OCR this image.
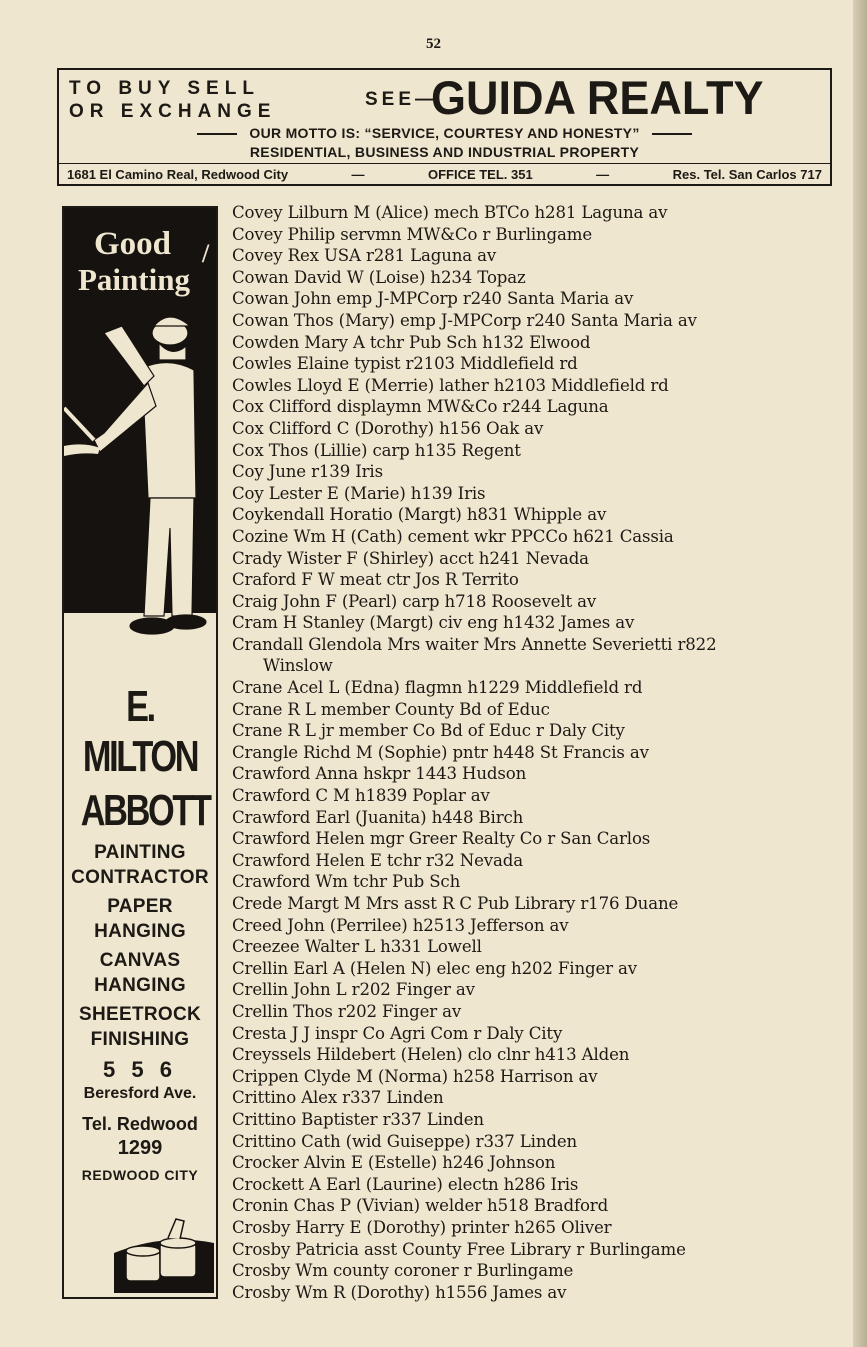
52
TO BUY SELL
OR EXCHANGE
SEE—
GUIDA REALTY
OUR MOTTO IS: “SERVICE, COURTESY AND HONESTY”
RESIDENTIAL, BUSINESS AND INDUSTRIAL PROPERTY
1681 El Camino Real, Redwood City	—	OFFICE TEL. 351	—	Res. Tel. San Carlos 717
Good
Painting
/
E. MILTON
ABBOTT
PAINTING
CONTRACTOR
PAPER
HANGING
CANVAS
HANGING
SHEETROCK
FINISHING
5 5 6
Beresford Ave.
Tel. Redwood
1299
REDWOOD CITY
Covey Lilburn M (Alice) mech BTCo h281 Laguna av
Covey Philip servmn MW&Co r Burlingame
Covey Rex USA r281 Laguna av
Cowan David W (Loise) h234 Topaz
Cowan John emp J-MPCorp r240 Santa Maria av
Cowan Thos (Mary) emp J-MPCorp r240 Santa Maria av
Cowden Mary A tchr Pub Sch h132 Elwood
Cowles Elaine typist r2103 Middlefield rd
Cowles Lloyd E (Merrie) lather h2103 Middlefield rd
Cox Clifford displaymn MW&Co r244 Laguna
Cox Clifford C (Dorothy) h156 Oak av
Cox Thos (Lillie) carp h135 Regent
Coy June r139 Iris
Coy Lester E (Marie) h139 Iris
Coykendall Horatio (Margt) h831 Whipple av
Cozine Wm H (Cath) cement wkr PPCCo h621 Cassia
Crady Wister F (Shirley) acct h241 Nevada
Craford F W meat ctr Jos R Territo
Craig John F (Pearl) carp h718 Roosevelt av
Cram H Stanley (Margt) civ eng h1432 James av
Crandall Glendola Mrs waiter Mrs Annette Severietti r822
Winslow
Crane Acel L (Edna) flagmn h1229 Middlefield rd
Crane R L member County Bd of Educ
Crane R L jr member Co Bd of Educ r Daly City
Crangle Richd M (Sophie) pntr h448 St Francis av
Crawford Anna hskpr 1443 Hudson
Crawford C M h1839 Poplar av
Crawford Earl (Juanita) h448 Birch
Crawford Helen mgr Greer Realty Co r San Carlos
Crawford Helen E tchr r32 Nevada
Crawford Wm tchr Pub Sch
Crede Margt M Mrs asst R C Pub Library r176 Duane
Creed John (Perrilee) h2513 Jefferson av
Creezee Walter L h331 Lowell
Crellin Earl A (Helen N) elec eng h202 Finger av
Crellin John L r202 Finger av
Crellin Thos r202 Finger av
Cresta J J inspr Co Agri Com r Daly City
Creyssels Hildebert (Helen) clo clnr h413 Alden
Crippen Clyde M (Norma) h258 Harrison av
Crittino Alex r337 Linden
Crittino Baptister r337 Linden
Crittino Cath (wid Guiseppe) r337 Linden
Crocker Alvin E (Estelle) h246 Johnson
Crockett A Earl (Laurine) electn h286 Iris
Cronin Chas P (Vivian) welder h518 Bradford
Crosby Harry E (Dorothy) printer h265 Oliver
Crosby Patricia asst County Free Library r Burlingame
Crosby Wm county coroner r Burlingame
Crosby Wm R (Dorothy) h1556 James av
